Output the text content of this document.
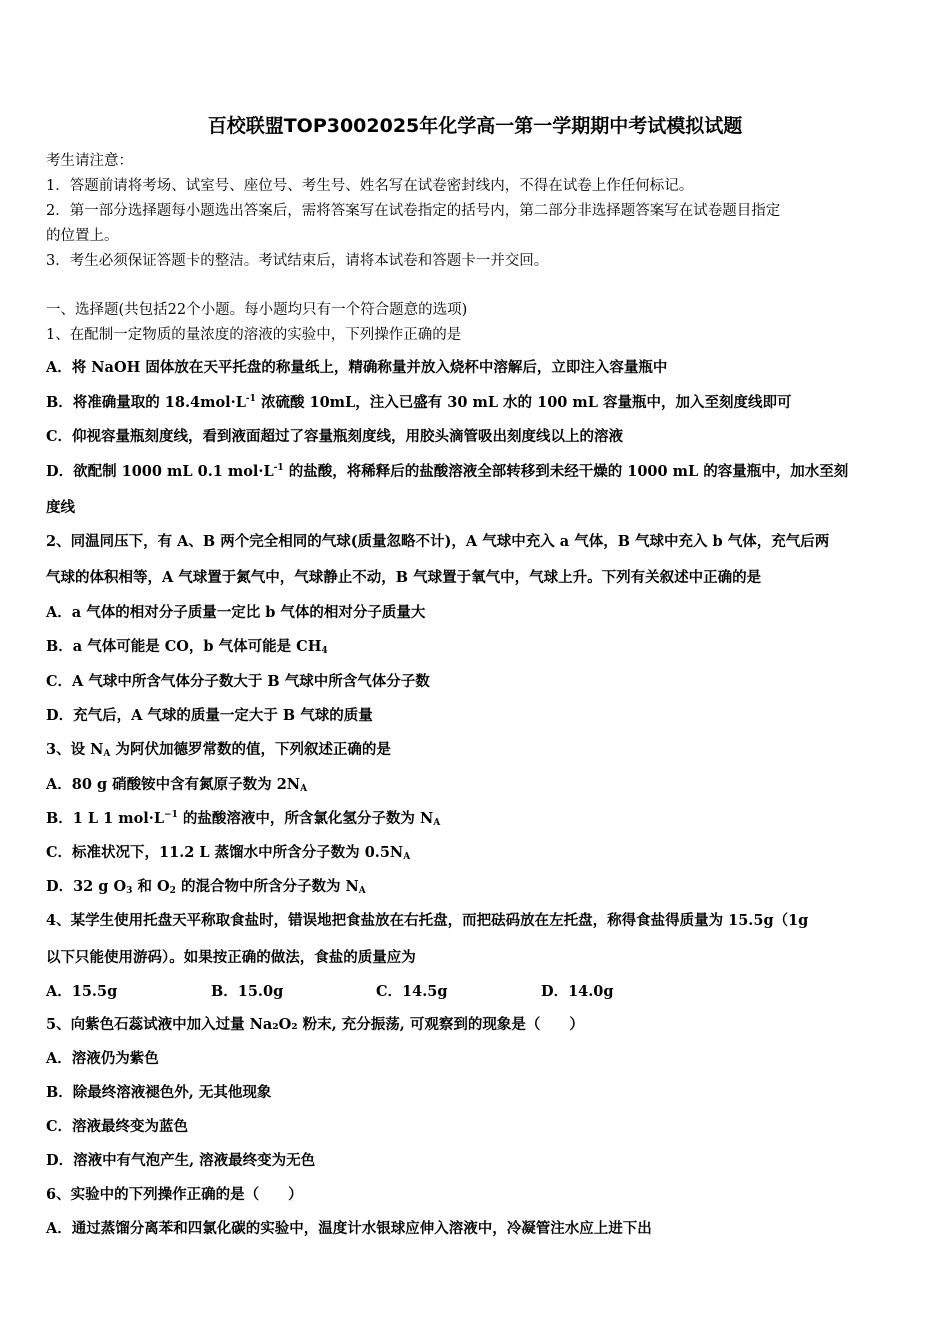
百校联盟TOP3002025年化学高一第一学期期中考试模拟试题
考生请注意：
1．答题前请将考场、试室号、座位号、考生号、姓名写在试卷密封线内，不得在试卷上作任何标记。
2．第一部分选择题每小题选出答案后，需将答案写在试卷指定的括号内，第二部分非选择题答案写在试卷题目指定
的位置上。
3．考生必须保证答题卡的整洁。考试结束后，请将本试卷和答题卡一并交回。
一、选择题(共包括22个小题。每小题均只有一个符合题意的选项)
1、在配制一定物质的量浓度的溶液的实验中，下列操作正确的是
A．将 NaOH 固体放在天平托盘的称量纸上，精确称量并放入烧杯中溶解后，立即注入容量瓶中
B．将准确量取的 $18.4mol\cdot L^{-1}$ 浓硫酸 10mL，注入已盛有 30 mL 水的 100 mL 容量瓶中，加入至刻度线即可
C．仰视容量瓶刻度线，看到液面超过了容量瓶刻度线，用胶头滴管吸出刻度线以上的溶液
D．欲配制 1000 mL 0.1 $mol\cdot L^{-1}$ 的盐酸，将稀释后的盐酸溶液全部转移到未经干燥的 1000 mL 的容量瓶中，加水至刻
度线
2、同温同压下，有 A、B 两个完全相同的气球(质量忽略不计)，A 气球中充入 a 气体，B 气球中充入 b 气体，充气后两
气球的体积相等，A 气球置于氮气中，气球静止不动，B 气球置于氧气中，气球上升。下列有关叙述中正确的是
A．a 气体的相对分子质量一定比 b 气体的相对分子质量大
B．a 气体可能是 CO，b 气体可能是 $CH_4$
C．A 气球中所含气体分子数大于 B 气球中所含气体分子数
D．充气后，A 气球的质量一定大于 B 气球的质量
3、设 $N_A$ 为阿伏加德罗常数的值，下列叙述正确的是
A．80 g 硝酸铵中含有氮原子数为 $2N_A$
B．1 L 1 $mol\cdot L^{-1}$ 的盐酸溶液中，所含氯化氢分子数为 $N_A$
C．标准状况下，11.2 L 蒸馏水中所含分子数为 $0.5N_A$
D．32 g $O_3$ 和 $O_2$ 的混合物中所含分子数为 $N_A$
4、某学生使用托盘天平称取食盐时，错误地把食盐放在右托盘，而把砝码放在左托盘，称得食盐得质量为 15.5g（1g
以下只能使用游码）。如果按正确的做法，食盐的质量应为
A．15.5g	B．15.0g	C．14.5g	D．14.0g
5、向紫色石蕊试液中加入过量 Na₂O₂ 粉末, 充分振荡, 可观察到的现象是（　　）
A．溶液仍为紫色
B．除最终溶液褪色外, 无其他现象
C．溶液最终变为蓝色
D．溶液中有气泡产生, 溶液最终变为无色
6、实验中的下列操作正确的是（　　）
A．通过蒸馏分离苯和四氯化碳的实验中，温度计水银球应伸入溶液中，冷凝管注水应上进下出
